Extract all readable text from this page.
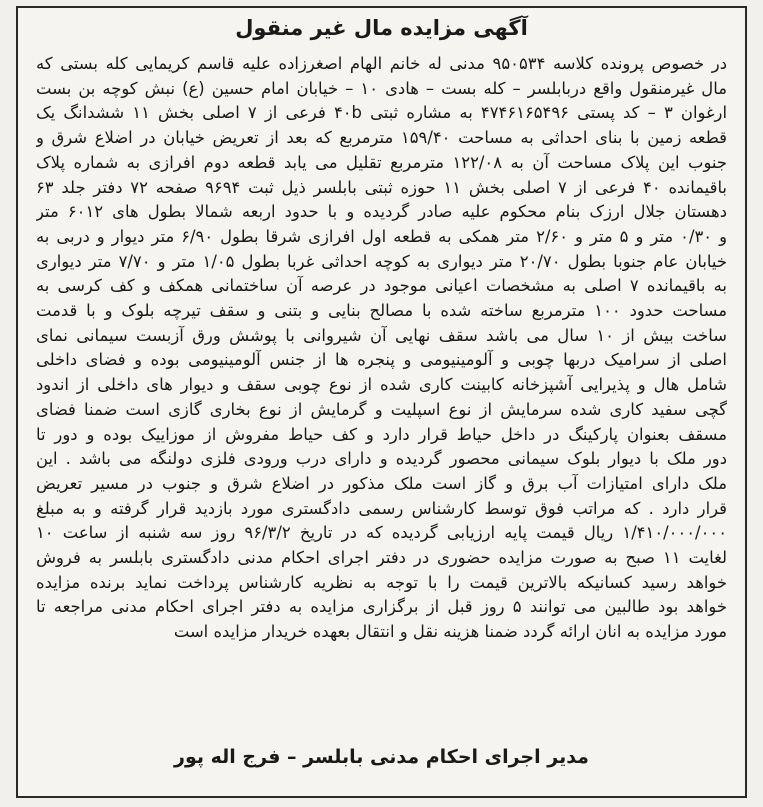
آگهی مزایده مال غیر منقول
در خصوص پرونده کلاسه ۹۵۰۵۳۴ مدنی له خانم الهام اصغرزاده علیه قاسم کریمایی کله بستی که
مال غیرمنقول واقع دربابلسر – کله بست – هادی ۱۰ – خیابان امام حسین (ع) نبش کوچه بن بست
ارغوان ۳ – کد پستی ۴۷۴۶۱۶۵۴۹۶ به مشاره ثبتی ۴۰b فرعی از ۷ اصلی بخش ۱۱ ششدانگ یک
قطعه زمین با بنای احداثی به مساحت ۱۵۹/۴۰ مترمربع که بعد از تعریض خیابان در اضلاع شرق و
جنوب این پلاک مساحت آن به ۱۲۲/۰۸ مترمربع تقلیل می یابد قطعه دوم افرازی به شماره پلاک
باقیمانده ۴۰ فرعی از ۷ اصلی بخش ۱۱ حوزه ثبتی بابلسر ذیل ثبت ۹۶۹۴ صفحه ۷۲ دفتر جلد ۶۳
دهستان جلال ارزک بنام محکوم علیه صادر گردیده و با حدود اربعه شمالا بطول های ۶۰۱۲ متر
و ۰/۳۰ متر و ۵ متر و ۲/۶۰ متر همکی به قطعه اول افرازی شرقا بطول ۶/۹۰ متر دیوار و دربی به
خیابان عام جنوبا بطول ۲۰/۷۰ متر دیواری به کوچه احداثی غربا بطول ۱/۰۵ متر و ۷/۷۰ متر دیواری
به باقیمانده ۷ اصلی به مشخصات اعیانی موجود در عرصه آن ساختمانی همکف و کف کرسی به
مساحت حدود ۱۰۰ مترمربع ساخته شده با مصالح بنایی و بتنی و سقف تیرچه بلوک و با قدمت
ساخت بیش از ۱۰ سال می باشد سقف نهایی آن شیروانی با پوشش ورق آزبست سیمانی نمای
اصلی از سرامیک دربها چوبی و آلومینیومی و پنجره ها از جنس آلومینیومی بوده و فضای داخلی
شامل هال و پذیرایی آشپزخانه کابینت کاری شده از نوع چوبی سقف و دیوار های داخلی از اندود
گچی سفید کاری شده سرمایش از نوع اسپلیت و گرمایش از نوع بخاری گازی است ضمنا فضای
مسقف بعنوان پارکینگ در داخل حیاط قرار دارد و کف حیاط مفروش از موزاییک بوده و دور تا
دور ملک با دیوار بلوک سیمانی محصور گردیده و دارای درب ورودی فلزی دولنگه می باشد . این
ملک دارای امتیازات آب برق و گاز است ملک مذکور در اضلاع شرق و جنوب در مسیر تعریض
قرار دارد . که مراتب فوق توسط کارشناس رسمی دادگستری مورد بازدید قرار گرفته و به مبلغ
۱/۴۱۰/۰۰۰/۰۰۰ ریال قیمت پایه ارزیابی گردیده که در تاریخ ۹۶/۳/۲ روز سه شنبه از ساعت ۱۰
لغایت ۱۱ صبح به صورت مزایده حضوری در دفتر اجرای احکام مدنی دادگستری بابلسر به فروش
خواهد رسید کسانیکه بالاترین قیمت را با توجه به نظریه کارشناس پرداخت نماید برنده مزایده
خواهد بود طالبین می توانند ۵ روز قبل از برگزاری مزایده به دفتر اجرای احکام مدنی مراجعه تا
مورد مزایده به انان ارائه گردد ضمنا هزینه نقل و انتقال بعهده خریدار مزایده است
مدیر اجرای احکام مدنی بابلسر – فرج اله پور
